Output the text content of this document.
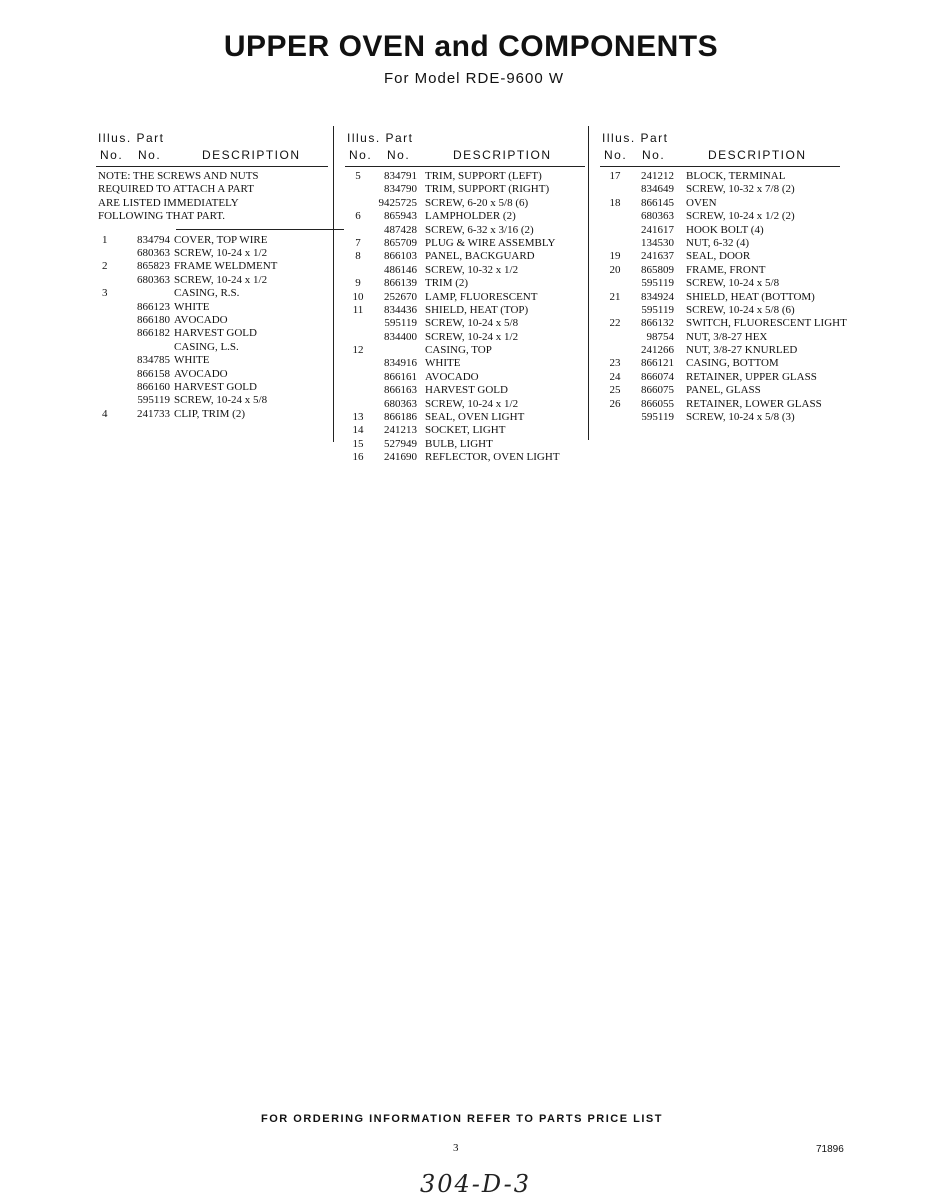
UPPER OVEN and COMPONENTS
For Model RDE-9600 W
Illus. Part
No. No.	DESCRIPTION
NOTE: THE SCREWS AND NUTS
REQUIRED TO ATTACH A PART
ARE LISTED IMMEDIATELY
FOLLOWING THAT PART.
1	834794 COVER, TOP WIRE
680363 SCREW, 10-24 x 1/2
2	865823 FRAME WELDMENT
680363 SCREW, 10-24 x 1/2
3	CASING, R.S.
866123 WHITE
866180 AVOCADO
866182 HARVEST GOLD
CASING, L.S.
834785 WHITE
866158 AVOCADO
866160 HARVEST GOLD
595119 SCREW, 10-24 x 5/8
4	241733 CLIP, TRIM (2)
Illus. Part
No. No.	DESCRIPTION
5	834791 TRIM, SUPPORT (LEFT)
834790 TRIM, SUPPORT (RIGHT)
9425725 SCREW, 6-20 x 5/8 (6)
6	865943 LAMPHOLDER (2)
487428 SCREW, 6-32 x 3/16 (2)
7	865709 PLUG & WIRE ASSEMBLY
8	866103 PANEL, BACKGUARD
486146 SCREW, 10-32 x 1/2
9	866139 TRIM (2)
10	252670 LAMP, FLUORESCENT
11	834436 SHIELD, HEAT (TOP)
595119 SCREW, 10-24 x 5/8
834400 SCREW, 10-24 x 1/2
12	CASING, TOP
834916 WHITE
866161 AVOCADO
866163 HARVEST GOLD
680363 SCREW, 10-24 x 1/2
13	866186 SEAL, OVEN LIGHT
14	241213 SOCKET, LIGHT
15	527949 BULB, LIGHT
16	241690 REFLECTOR, OVEN LIGHT
Illus. Part
No. No.	DESCRIPTION
17	241212 BLOCK, TERMINAL
834649 SCREW, 10-32 x 7/8 (2)
18	866145 OVEN
680363 SCREW, 10-24 x 1/2 (2)
241617 HOOK BOLT (4)
134530 NUT, 6-32 (4)
19	241637 SEAL, DOOR
20	865809 FRAME, FRONT
595119 SCREW, 10-24 x 5/8
21	834924 SHIELD, HEAT (BOTTOM)
595119 SCREW, 10-24 x 5/8 (6)
22	866132 SWITCH, FLUORESCENT LIGHT
98754 NUT, 3/8-27 HEX
241266 NUT, 3/8-27 KNURLED
23	866121 CASING, BOTTOM
24	866074 RETAINER, UPPER GLASS
25	866075 PANEL, GLASS
26	866055 RETAINER, LOWER GLASS
595119 SCREW, 10-24 x 5/8 (3)
FOR ORDERING INFORMATION REFER TO PARTS PRICE LIST
3	71896
304-D-3
